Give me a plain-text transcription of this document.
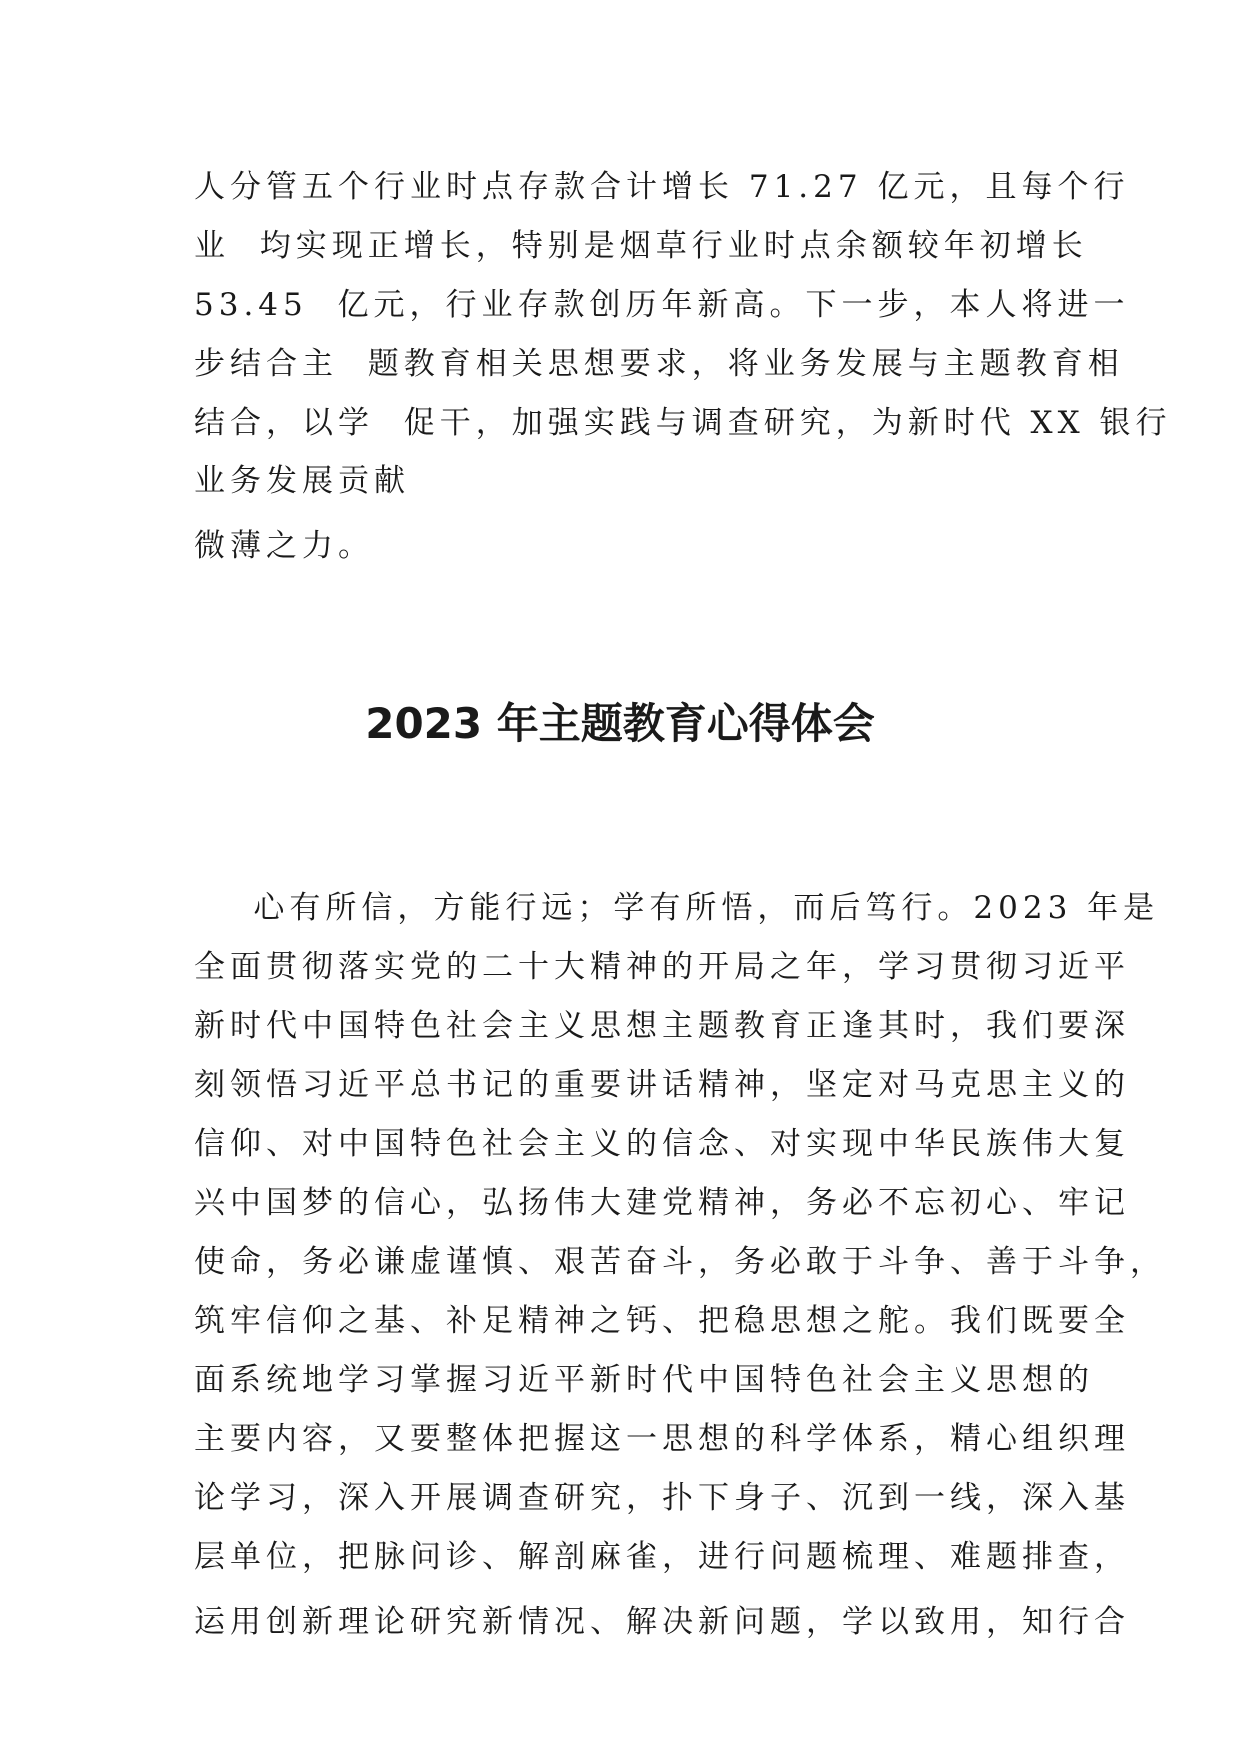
人分管五个行业时点存款合计增长 71.27 亿元，且每个行
业  均实现正增长，特别是烟草行业时点余额较年初增长
53.45  亿元，行业存款创历年新高。下一步，本人将进一
步结合主  题教育相关思想要求，将业务发展与主题教育相
结合，以学  促干，加强实践与调查研究，为新时代 XX 银行
业务发展贡献
微薄之力。
2023 年主题教育心得体会
心有所信，方能行远；学有所悟，而后笃行。2023 年是
全面贯彻落实党的二十大精神的开局之年，学习贯彻习近平
新时代中国特色社会主义思想主题教育正逢其时，我们要深
刻领悟习近平总书记的重要讲话精神，坚定对马克思主义的
信仰、对中国特色社会主义的信念、对实现中华民族伟大复
兴中国梦的信心，弘扬伟大建党精神，务必不忘初心、牢记
使命，务必谦虚谨慎、艰苦奋斗，务必敢于斗争、善于斗争，
筑牢信仰之基、补足精神之钙、把稳思想之舵。我们既要全
面系统地学习掌握习近平新时代中国特色社会主义思想的
主要内容，又要整体把握这一思想的科学体系，精心组织理
论学习，深入开展调查研究，扑下身子、沉到一线，深入基
层单位，把脉问诊、解剖麻雀，进行问题梳理、难题排查，
运用创新理论研究新情况、解决新问题，学以致用，知行合
